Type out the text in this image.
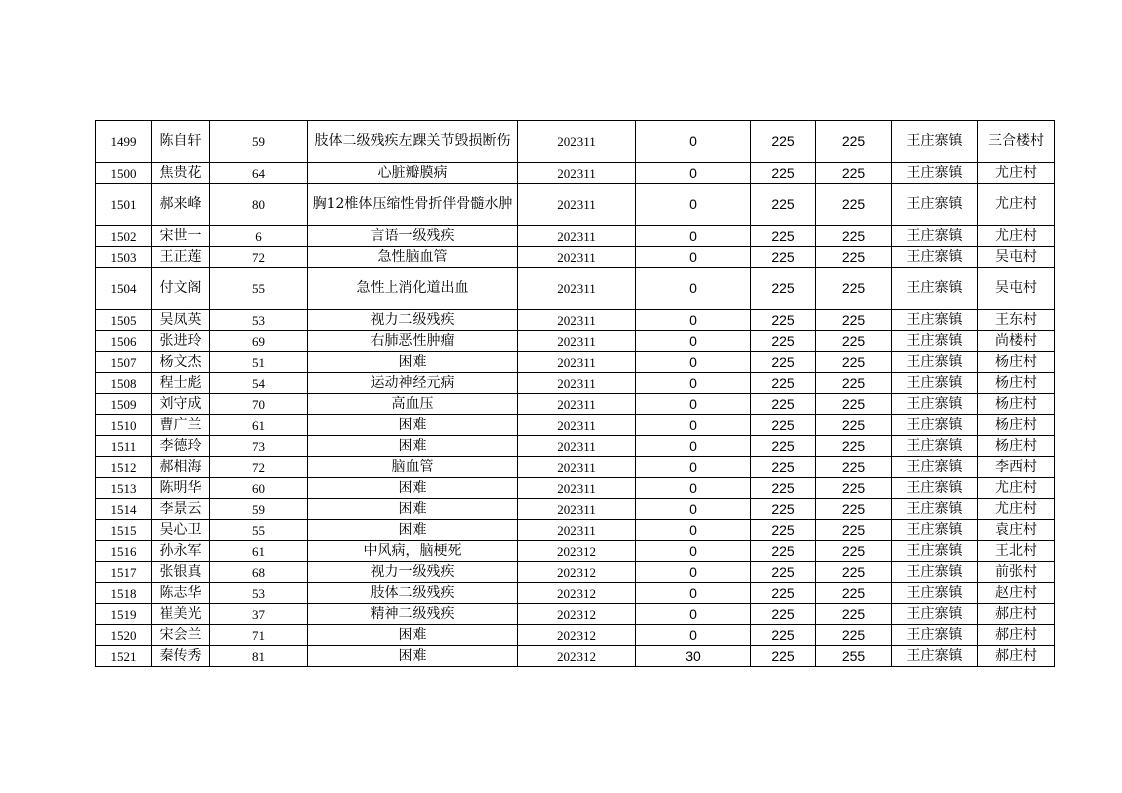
1499	陈自轩	59	肢体二级残疾左踝关节毁损断伤	202311	0	225	225	王庄寨镇	三合楼村
1500	焦贵花	64	心脏瓣膜病	202311	0	225	225	王庄寨镇	尤庄村
1501	郝来峰	80	胸12椎体压缩性骨折伴骨髓水肿	202311	0	225	225	王庄寨镇	尤庄村
1502	宋世一	6	言语一级残疾	202311	0	225	225	王庄寨镇	尤庄村
1503	王正莲	72	急性脑血管	202311	0	225	225	王庄寨镇	吴屯村
1504	付文阁	55	急性上消化道出血	202311	0	225	225	王庄寨镇	吴屯村
1505	吴凤英	53	视力二级残疾	202311	0	225	225	王庄寨镇	王东村
1506	张进玲	69	右肺恶性肿瘤	202311	0	225	225	王庄寨镇	尚楼村
1507	杨文杰	51	困难	202311	0	225	225	王庄寨镇	杨庄村
1508	程士彪	54	运动神经元病	202311	0	225	225	王庄寨镇	杨庄村
1509	刘守成	70	高血压	202311	0	225	225	王庄寨镇	杨庄村
1510	曹广兰	61	困难	202311	0	225	225	王庄寨镇	杨庄村
1511	李德玲	73	困难	202311	0	225	225	王庄寨镇	杨庄村
1512	郝相海	72	脑血管	202311	0	225	225	王庄寨镇	李西村
1513	陈明华	60	困难	202311	0	225	225	王庄寨镇	尤庄村
1514	李景云	59	困难	202311	0	225	225	王庄寨镇	尤庄村
1515	吴心卫	55	困难	202311	0	225	225	王庄寨镇	袁庄村
1516	孙永军	61	中风病，脑梗死	202312	0	225	225	王庄寨镇	王北村
1517	张银真	68	视力一级残疾	202312	0	225	225	王庄寨镇	前张村
1518	陈志华	53	肢体二级残疾	202312	0	225	225	王庄寨镇	赵庄村
1519	崔美光	37	精神二级残疾	202312	0	225	225	王庄寨镇	郝庄村
1520	宋会兰	71	困难	202312	0	225	225	王庄寨镇	郝庄村
1521	秦传秀	81	困难	202312	30	225	255	王庄寨镇	郝庄村
